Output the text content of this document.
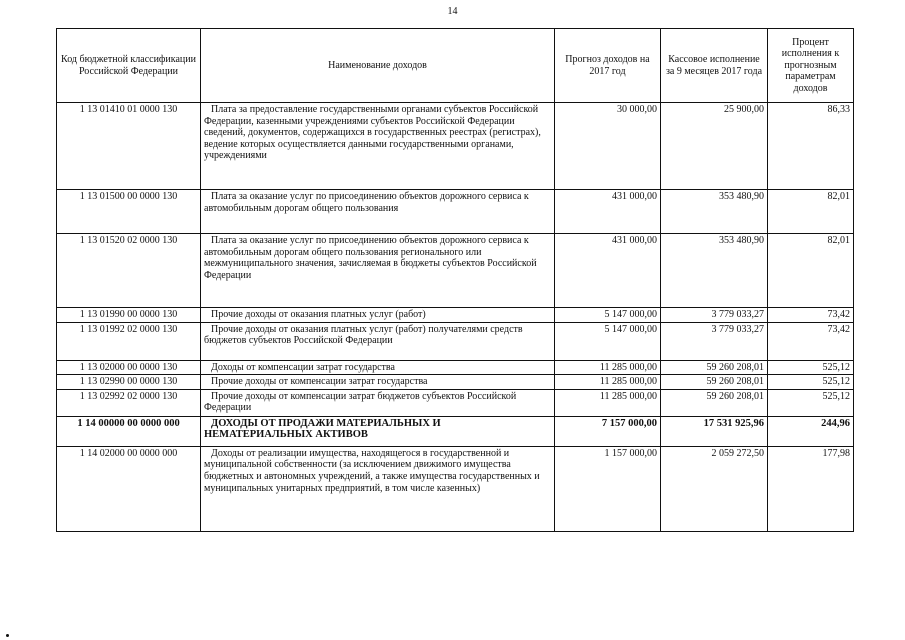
14
Код бюджетной классификации Российской Федерации	Наименование доходов	Прогноз доходов на 2017 год	Кассовое исполнение за 9 месяцев 2017 года	Процент исполнения к прогнозным параметрам доходов
1 13 01410 01 0000 130	Плата за предоставление государственными органами субъектов Российской Федерации, казенными учреждениями субъектов Российской Федерации сведений, документов, содержащихся в государственных реестрах (регистрах), ведение которых осуществляется данными государственными органами, учреждениями	30 000,00	25 900,00	86,33
1 13 01500 00 0000 130	Плата за оказание услуг по присоединению объектов дорожного сервиса к автомобильным дорогам общего пользования	431 000,00	353 480,90	82,01
1 13 01520 02 0000 130	Плата за оказание услуг по присоединению объектов дорожного сервиса к автомобильным дорогам общего пользования регионального или межмуниципального значения, зачисляемая в бюджеты субъектов Российской Федерации	431 000,00	353 480,90	82,01
1 13 01990 00 0000 130	Прочие доходы от оказания платных услуг (работ)	5 147 000,00	3 779 033,27	73,42
1 13 01992 02 0000 130	Прочие доходы от оказания платных услуг (работ) получателями средств бюджетов субъектов Российской Федерации	5 147 000,00	3 779 033,27	73,42
1 13 02000 00 0000 130	Доходы от компенсации затрат государства	11 285 000,00	59 260 208,01	525,12
1 13 02990 00 0000 130	Прочие доходы от компенсации затрат государства	11 285 000,00	59 260 208,01	525,12
1 13 02992 02 0000 130	Прочие доходы от компенсации затрат бюджетов субъектов Российской Федерации	11 285 000,00	59 260 208,01	525,12
1 14 00000 00 0000 000	ДОХОДЫ ОТ ПРОДАЖИ МАТЕРИАЛЬНЫХ И НЕМАТЕРИАЛЬНЫХ АКТИВОВ	7 157 000,00	17 531 925,96	244,96
1 14 02000 00 0000 000	Доходы от реализации имущества, находящегося в государственной и муниципальной собственности (за исключением движимого имущества бюджетных и автономных учреждений, а также имущества государственных и муниципальных унитарных предприятий, в том числе казенных)	1 157 000,00	2 059 272,50	177,98
